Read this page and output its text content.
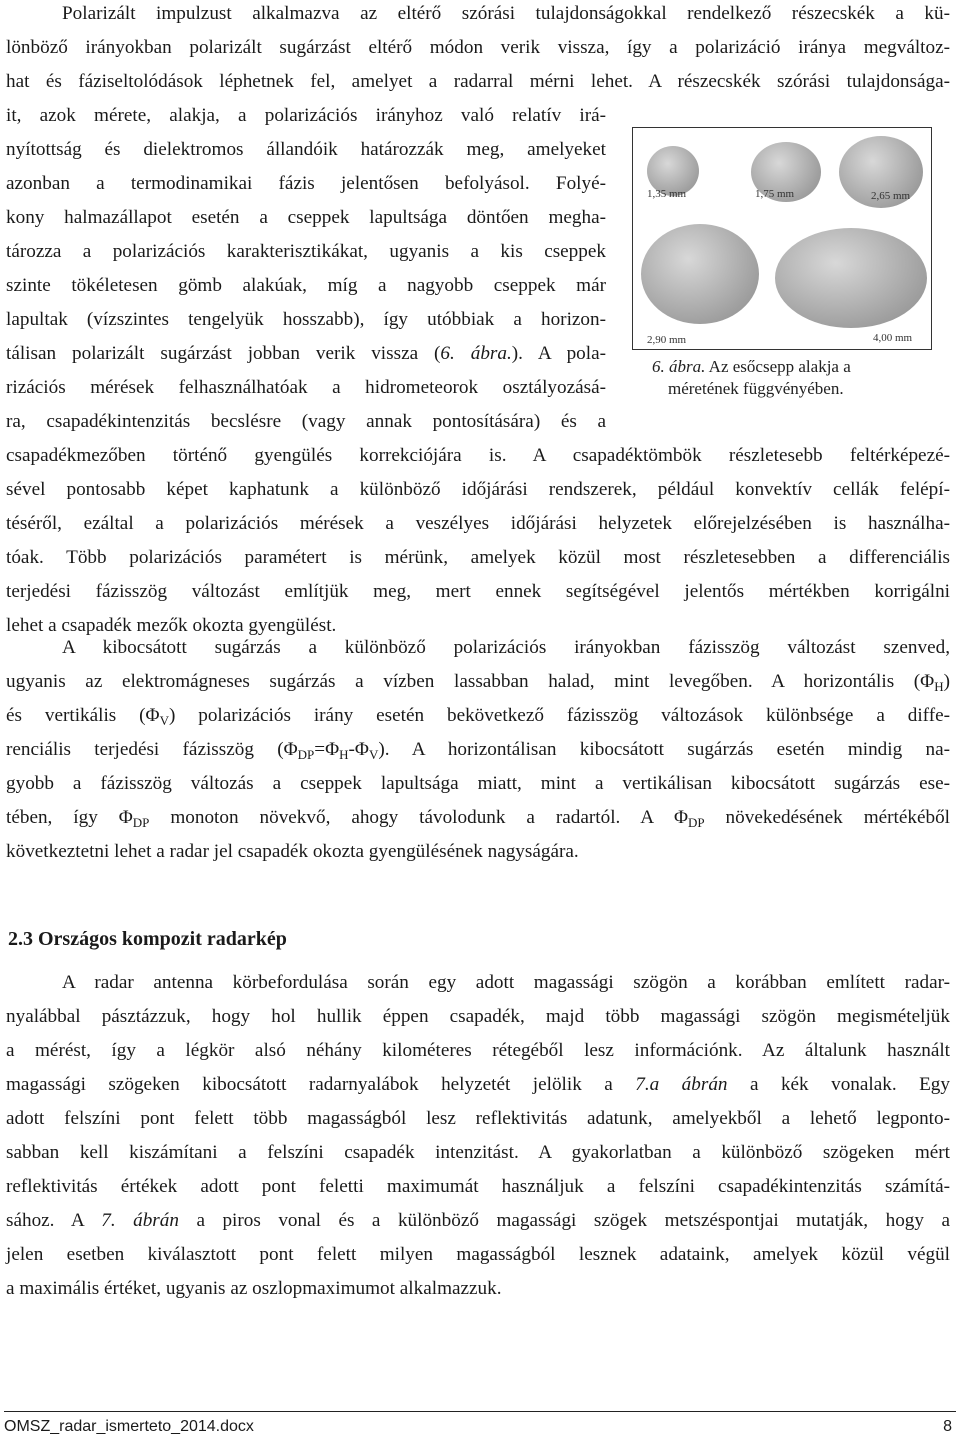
Polarizált impulzust alkalmazva az eltérő szórási tulajdonságokkal rendelkező részecskék a kü-
lönböző irányokban polarizált sugárzást eltérő módon verik vissza, így a polarizáció iránya megváltoz-
hat és fáziseltolódások léphetnek fel, amelyet a radarral mérni lehet. A részecskék szórási tulajdonsága-
it, azok mérete, alakja, a polarizációs irányhoz való relatív irá-
nyítottság és dielektromos állandóik határozzák meg, amelyeket
azonban a termodinamikai fázis jelentősen befolyásol. Folyé-
kony halmazállapot esetén a cseppek lapultsága döntően megha-
tározza a polarizációs karakterisztikákat, ugyanis a kis cseppek
szinte tökéletesen gömb alakúak, míg a nagyobb cseppek már
lapultak (vízszintes tengelyük hosszabb), így utóbbiak a horizon-
tálisan polarizált sugárzást jobban verik vissza (6. ábra.). A pola-
rizációs mérések felhasználhatóak a hidrometeorok osztályozásá-
ra, csapadékintenzitás becslésre (vagy annak pontosítására) és a
csapadékmezőben történő gyengülés korrekciójára is. A csapadéktömbök részletesebb feltérképezé-
sével pontosabb képet kaphatunk a különböző időjárási rendszerek, például konvektív cellák felépí-
téséről, ezáltal a polarizációs mérések a veszélyes időjárási helyzetek előrejelzésében is használha-
tóak. Több polarizációs paramétert is mérünk, amelyek közül most részletesebben a differenciális
terjedési fázisszög változást említjük meg, mert ennek segítségével jelentős mértékben korrigálni
lehet a csapadék mezők okozta gyengülést.
1,35 mm	1,75 mm	2,65 mm
2,90 mm	4,00 mm
6. ábra. Az esőcsepp alakja a
méretének függvényében.
A kibocsátott sugárzás a különböző polarizációs irányokban fázisszög változást szenved,
ugyanis az elektromágneses sugárzás a vízben lassabban halad, mint levegőben. A horizontális $(\Phi_H)$
és vertikális $(\Phi_V)$ polarizációs irány esetén bekövetkező fázisszög változások különbsége a diffe-
renciális terjedési fázisszög $(\Phi_{DP}=\Phi_H-\Phi_V)$. A horizontálisan kibocsátott sugárzás esetén mindig na-
gyobb a fázisszög változás a cseppek lapultsága miatt, mint a vertikálisan kibocsátott sugárzás ese-
tében, így $\Phi_{DP}$ monoton növekvő, ahogy távolodunk a radartól. A $\Phi_{DP}$ növekedésének mértékéből
következtetni lehet a radar jel csapadék okozta gyengülésének nagyságára.
2.3 Országos kompozit radarkép
A radar antenna körbefordulása során egy adott magassági szögön a korábban említett radar-
nyalábbal pásztázzuk, hogy hol hullik éppen csapadék, majd több magassági szögön megismételjük
a mérést, így a légkör alsó néhány kilométeres rétegéből lesz információnk. Az általunk használt
magassági szögeken kibocsátott radarnyalábok helyzetét jelölik a 7.a ábrán a kék vonalak. Egy
adott felszíni pont felett több magasságból lesz reflektivitás adatunk, amelyekből a lehető legponto-
sabban kell kiszámítani a felszíni csapadék intenzitást. A gyakorlatban a különböző szögeken mért
reflektivitás értékek adott pont feletti maximumát használjuk a felszíni csapadékintenzitás számítá-
sához. A 7. ábrán a piros vonal és a különböző magassági szögek metszéspontjai mutatják, hogy a
jelen esetben kiválasztott pont felett milyen magasságból lesznek adataink, amelyek közül végül
a maximális értéket, ugyanis az oszlopmaximumot alkalmazzuk.
OMSZ_radar_ismerteto_2014.docx	8
